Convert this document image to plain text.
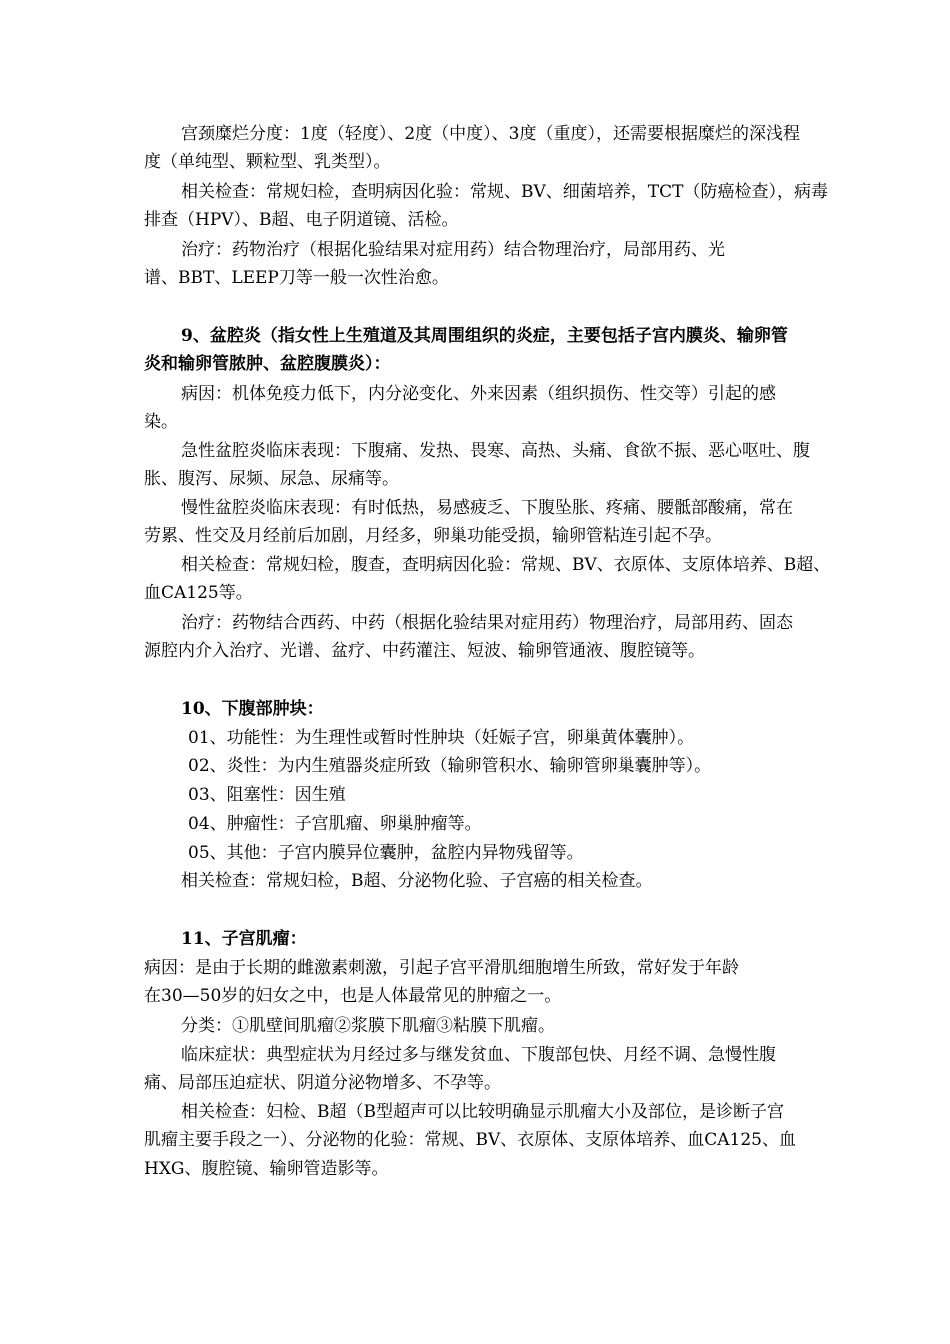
宫颈糜烂分度：1度（轻度）、2度（中度）、3度（重度），还需要根据糜烂的深浅程
度（单纯型、颗粒型、乳类型）。
相关检查：常规妇检，查明病因化验：常规、BV、细菌培养，TCT（防癌检查），病毒
排查（HPV）、B超、电子阴道镜、活检。
治疗：药物治疗（根据化验结果对症用药）结合物理治疗，局部用药、光
谱、BBT、LEEP刀等一般一次性治愈。
9、盆腔炎（指女性上生殖道及其周围组织的炎症，主要包括子宫内膜炎、输卵管
炎和输卵管脓肿、盆腔腹膜炎）：
病因：机体免疫力低下，内分泌变化、外来因素（组织损伤、性交等）引起的感
染。
急性盆腔炎临床表现：下腹痛、发热、畏寒、高热、头痛、食欲不振、恶心呕吐、腹
胀、腹泻、尿频、尿急、尿痛等。
慢性盆腔炎临床表现：有时低热，易感疲乏、下腹坠胀、疼痛、腰骶部酸痛，常在
劳累、性交及月经前后加剧，月经多，卵巢功能受损，输卵管粘连引起不孕。
相关检查：常规妇检，腹查，查明病因化验：常规、BV、衣原体、支原体培养、B超、
血CA125等。
治疗：药物结合西药、中药（根据化验结果对症用药）物理治疗，局部用药、固态
源腔内介入治疗、光谱、盆疗、中药灌注、短波、输卵管通液、腹腔镜等。
10、下腹部肿块：
01、功能性：为生理性或暂时性肿块（妊娠子宫，卵巢黄体囊肿）。
02、炎性：为内生殖器炎症所致（输卵管积水、输卵管卵巢囊肿等）。
03、阻塞性：因生殖
04、肿瘤性：子宫肌瘤、卵巢肿瘤等。
05、其他：子宫内膜异位囊肿，盆腔内异物残留等。
相关检查：常规妇检，B超、分泌物化验、子宫癌的相关检查。
11、子宫肌瘤：
病因：是由于长期的雌激素刺激，引起子宫平滑肌细胞增生所致，常好发于年龄
在30—50岁的妇女之中，也是人体最常见的肿瘤之一。
分类：①肌壁间肌瘤②浆膜下肌瘤③粘膜下肌瘤。
临床症状：典型症状为月经过多与继发贫血、下腹部包快、月经不调、急慢性腹
痛、局部压迫症状、阴道分泌物增多、不孕等。
相关检查：妇检、B超（B型超声可以比较明确显示肌瘤大小及部位，是诊断子宫
肌瘤主要手段之一）、分泌物的化验：常规、BV、衣原体、支原体培养、血CA125、血
HXG、腹腔镜、输卵管造影等。
